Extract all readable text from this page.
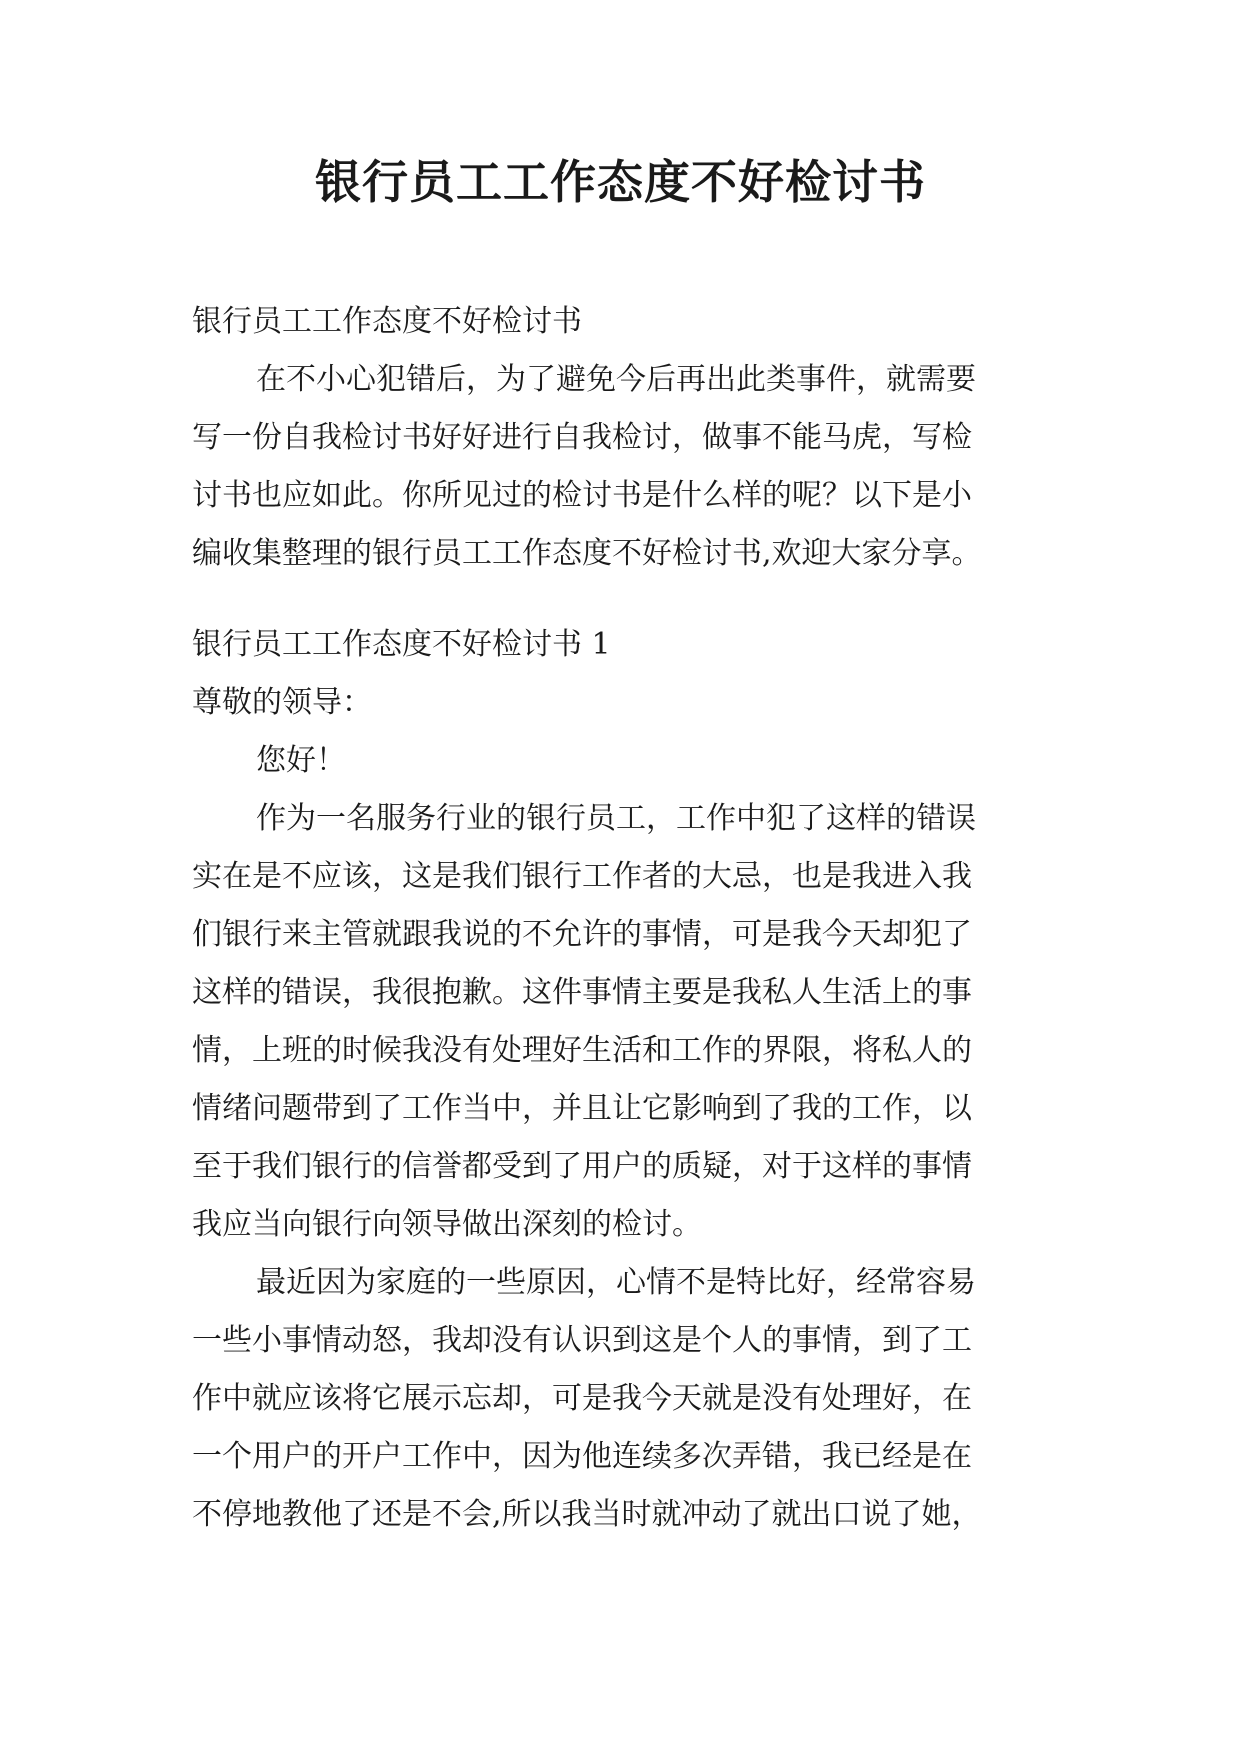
银行员工工作态度不好检讨书
银行员工工作态度不好检讨书
在不小心犯错后，为了避免今后再出此类事件，就需要
写一份自我检讨书好好进行自我检讨，做事不能马虎，写检
讨书也应如此。你所见过的检讨书是什么样的呢？以下是小
编收集整理的银行员工工作态度不好检讨书,欢迎大家分享。
银行员工工作态度不好检讨书 1
尊敬的领导：
您好！
作为一名服务行业的银行员工，工作中犯了这样的错误
实在是不应该，这是我们银行工作者的大忌，也是我进入我
们银行来主管就跟我说的不允许的事情，可是我今天却犯了
这样的错误，我很抱歉。这件事情主要是我私人生活上的事
情，上班的时候我没有处理好生活和工作的界限，将私人的
情绪问题带到了工作当中，并且让它影响到了我的工作，以
至于我们银行的信誉都受到了用户的质疑，对于这样的事情
我应当向银行向领导做出深刻的检讨。
最近因为家庭的一些原因，心情不是特比好，经常容易
一些小事情动怒，我却没有认识到这是个人的事情，到了工
作中就应该将它展示忘却，可是我今天就是没有处理好，在
一个用户的开户工作中，因为他连续多次弄错，我已经是在
不停地教他了还是不会,所以我当时就冲动了就出口说了她，
